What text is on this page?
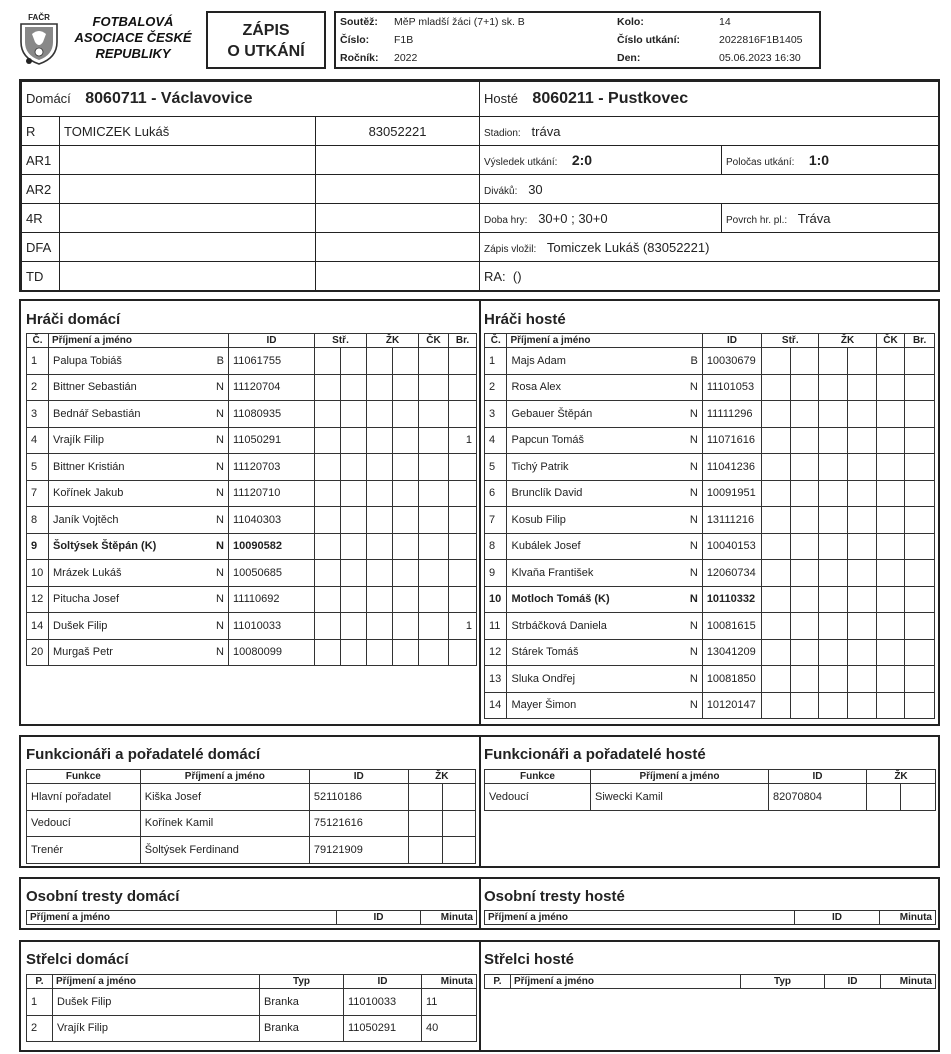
FAČR	FOTBALOVÁ
ASOCIACE ČESKÉ
REPUBLIKY
ZÁPIS
O UTKÁNÍ
Soutěž: MěP mladší žáci (7+1) sk. B
Číslo: F1B
Ročník: 2022
Kolo:	14
Číslo utkání:	2022816F1B1405
Den:	05.06.2023 16:30
Domácí 8060711 - Václavovice			Hosté 8060211 - Pustkovec	
R	TOMICZEK Lukáš	83052221	Stadion: tráva	
AR1			Výsledek utkání: 2:0	Poločas utkání: 1:0
AR2			Diváků: 30	
4R			Doba hry: 30+0 ; 30+0	Povrch hr. pl.: Tráva
DFA			Zápis vložil: Tomiczek Lukáš (83052221)	
TD			RA: ()	
Hráči domácí
Č.	Příjmení a jméno	ID	Stř.		ŽK		ČK	Br.
1	Palupa Tobiáš B	11061755						
2	Bittner Sebastián N	11120704						
3	Bednář Sebastián N	11080935						
4	Vrajík Filip N	11050291						1
5	Bittner Kristián N	11120703						
7	Kořínek Jakub N	11120710						
8	Janík Vojtěch N	11040303						
9	Šoltýsek Štěpán (K) N	10090582						
10	Mrázek Lukáš N	10050685						
12	Pitucha Josef N	11110692						
14	Dušek Filip N	11010033						1
20	Murgaš Petr N	10080099						
Hráči hosté
Č.	Příjmení a jméno	ID	Stř.		ŽK		ČK	Br.
1	Majs Adam B	10030679						
2	Rosa Alex N	11101053						
3	Gebauer Štěpán N	11111296						
4	Papcun Tomáš N	11071616						
5	Tichý Patrik N	11041236						
6	Brunclík David N	10091951						
7	Kosub Filip N	13111216						
8	Kubálek Josef N	10040153						
9	Klvaňa František N	12060734						
10	Motloch Tomáš (K) N	10110332						
11	Strbáčková Daniela N	10081615						
12	Stárek Tomáš N	13041209						
13	Sluka Ondřej N	10081850						
14	Mayer Šimon N	10120147						
Funkcionáři a pořadatelé domácí
Funkce	Příjmení a jméno	ID	ŽK	
Hlavní pořadatel	Kiška Josef	52110186		
Vedoucí	Kořínek Kamil	75121616		
Trenér	Šoltýsek Ferdinand	79121909		
Funkcionáři a pořadatelé hosté
Funkce	Příjmení a jméno	ID	ŽK	
Vedoucí	Siwecki Kamil	82070804		
Osobní tresty domácí
Příjmení a jméno	ID	Minuta
Osobní tresty hosté
Příjmení a jméno	ID	Minuta
Střelci domácí
P.	Příjmení a jméno	Typ	ID	Minuta
1	Dušek Filip	Branka	11010033	11
2	Vrajík Filip	Branka	11050291	40
Střelci hosté
P.	Příjmení a jméno	Typ	ID	Minuta
